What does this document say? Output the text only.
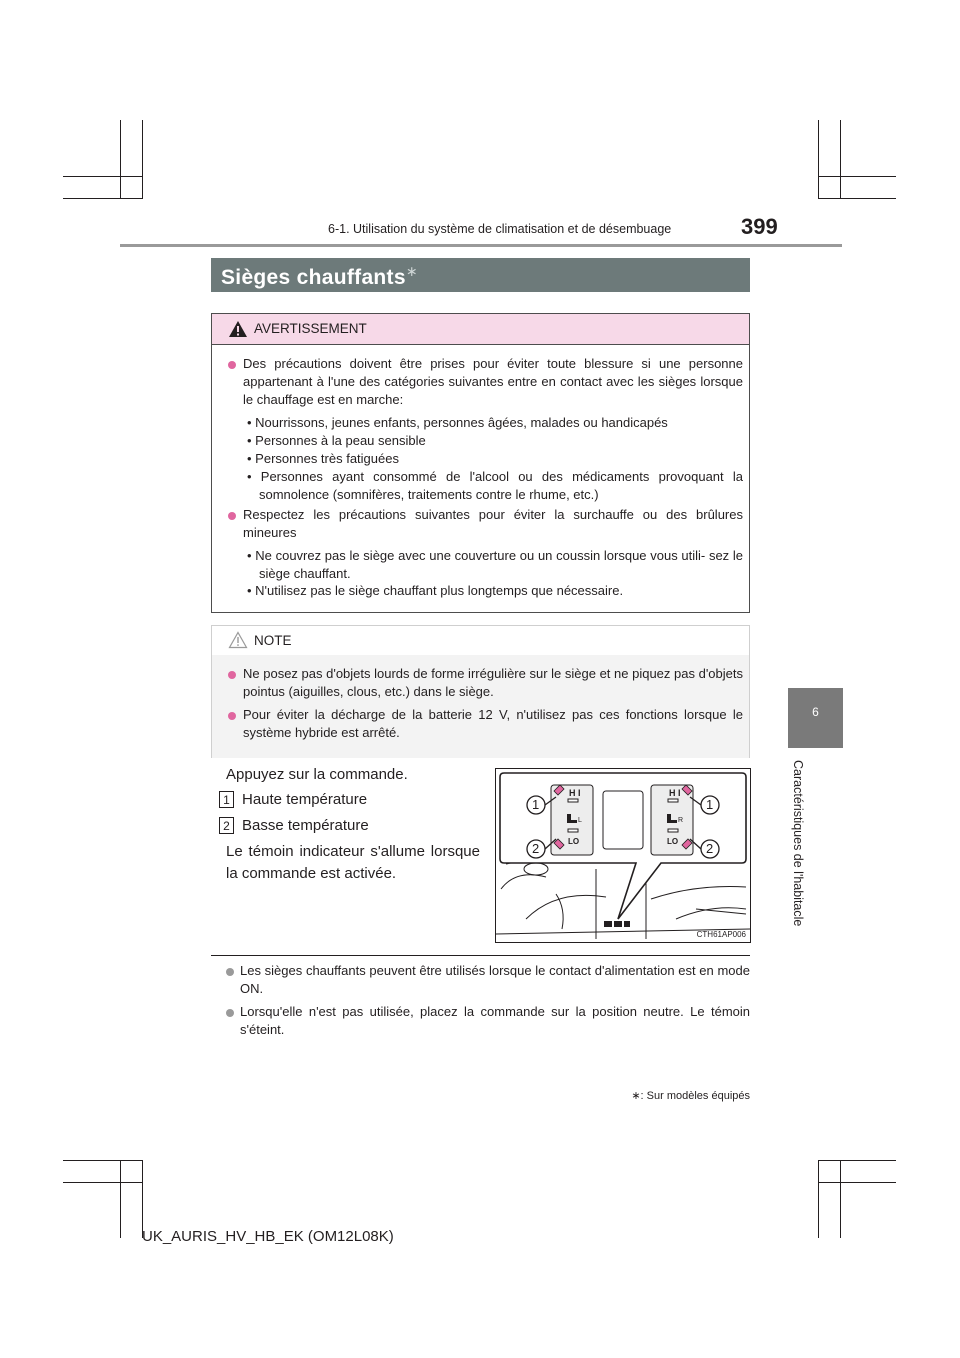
6-1. Utilisation du système de climatisation et de désembuage	399
6
Caractéristiques de l'habitacle
Sièges chauffants∗
AVERTISSEMENT
Des précautions doivent être prises pour éviter toute blessure si une personne appartenant à l'une des catégories suivantes entre en contact avec les sièges lorsque le chauffage est en marche:
• Nourrissons, jeunes enfants, personnes âgées, malades ou handicapés
• Personnes à la peau sensible
• Personnes très fatiguées
• Personnes ayant consommé de l'alcool ou des médicaments provoquant la somnolence (somnifères, traitements contre le rhume, etc.)
Respectez les précautions suivantes pour éviter la surchauffe ou des brûlures mineures
• Ne couvrez pas le siège avec une couverture ou un coussin lorsque vous utili- sez le siège chauffant.
• N'utilisez pas le siège chauffant plus longtemps que nécessaire.
NOTE
Ne posez pas d'objets lourds de forme irrégulière sur le siège et ne piquez pas d'objets pointus (aiguilles, clous, etc.) dans le siège.
Pour éviter la décharge de la batterie 12 V, n'utilisez pas ces fonctions lorsque le système hybride est arrêté.
Appuyez sur la commande.
1 Haute température
2 Basse température
Le témoin indicateur s'allume lorsque la commande est activée.
H I	H I
LO	LO
L	R
1
2
1
2
CTH61AP006
Les sièges chauffants peuvent être utilisés lorsque le contact d'alimentation est en mode ON.
Lorsqu'elle n'est pas utilisée, placez la commande sur la position neutre. Le témoin s'éteint.
∗: Sur modèles équipés
UK_AURIS_HV_HB_EK (OM12L08K)
